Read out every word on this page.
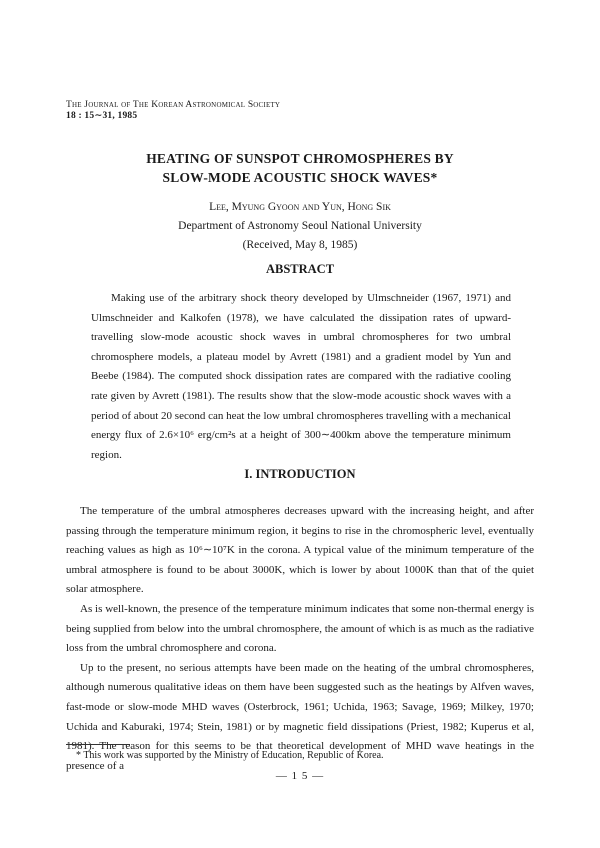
The Journal of The Korean Astronomical Society
18 : 15∼31, 1985
HEATING OF SUNSPOT CHROMOSPHERES BY
SLOW-MODE ACOUSTIC SHOCK WAVES*
Lee, Myung Gyoon and Yun, Hong Sik
Department of Astronomy Seoul National University
(Received, May 8, 1985)
ABSTRACT
Making use of the arbitrary shock theory developed by Ulmschneider (1967, 1971) and Ulmschneider and Kalkofen (1978), we have calculated the dissipation rates of upward-travelling slow-mode acoustic shock waves in umbral chromospheres for two umbral chromosphere models, a plateau model by Avrett (1981) and a gradient model by Yun and Beebe (1984). The computed shock dissipation rates are compared with the radiative cooling rate given by Avrett (1981). The results show that the slow-mode acoustic shock waves with a period of about 20 second can heat the low umbral chromospheres travelling with a mechanical energy flux of 2.6×10⁶ erg/cm²s at a height of 300∼400km above the temperature minimum region.
I. INTRODUCTION

The temperature of the umbral atmospheres decreases upward with the increasing height, and after passing through the temperature minimum region, it begins to rise in the chromospheric level, eventually reaching values as high as 10⁶∼10⁷K in the corona. A typical value of the minimum temperature of the umbral atmosphere is found to be about 3000K, which is lower by about 1000K than that of the quiet solar atmosphere.

As is well-known, the presence of the temperature minimum indicates that some non-thermal energy is being supplied from below into the umbral chromosphere, the amount of which is as much as the radiative loss from the umbral chromosphere and corona.

Up to the present, no serious attempts have been made on the heating of the umbral chromospheres, although numerous qualitative ideas on them have been suggested such as the heatings by Alfven waves, fast-mode or slow-mode MHD waves (Osterbrock, 1961; Uchida, 1963; Savage, 1969; Milkey, 1970; Uchida and Kaburaki, 1974; Stein, 1981) or by magnetic field dissipations (Priest, 1982; Kuperus et al, 1981). The reason for this seems to be that theoretical development of MHD wave heatings in the presence of a

* This work was supported by the Ministry of Education, Republic of Korea.
— 1 5 —
